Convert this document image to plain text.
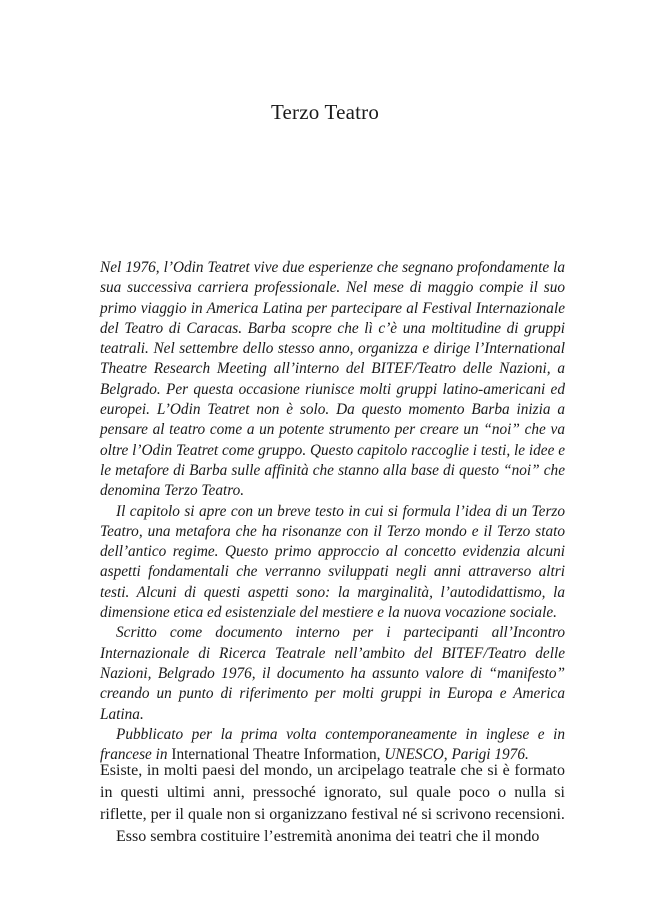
Terzo Teatro

Nel 1976, l’Odin Teatret vive due esperienze che segnano profondamente la sua successiva carriera professionale. Nel mese di maggio compie il suo primo viaggio in America Latina per partecipare al Festival Internazionale del Teatro di Caracas. Barba scopre che lì c’è una moltitudine di gruppi teatrali. Nel settembre dello stesso anno, organizza e dirige l’International Theatre Research Meeting all’interno del BITEF/Teatro delle Nazioni, a Belgrado. Per questa occasione riunisce molti gruppi latino-americani ed europei. L’Odin Teatret non è solo. Da questo momento Barba inizia a pensare al teatro come a un potente strumento per creare un “noi” che va oltre l’Odin Teatret come gruppo. Questo capitolo raccoglie i testi, le idee e le metafore di Barba sulle affinità che stanno alla base di questo “noi” che denomina Terzo Teatro.

Il capitolo si apre con un breve testo in cui si formula l’idea di un Terzo Teatro, una metafora che ha risonanze con il Terzo mondo e il Terzo stato dell’antico regime. Questo primo approccio al concetto evidenzia alcuni aspetti fondamentali che verranno sviluppati negli anni attraverso altri testi. Alcuni di questi aspetti sono: la marginalità, l’autodidattismo, la dimensione etica ed esistenziale del mestiere e la nuova vocazione sociale.

Scritto come documento interno per i partecipanti all’Incontro Internazionale di Ricerca Teatrale nell’ambito del BITEF/Teatro delle Nazioni, Belgrado 1976, il documento ha assunto valore di “manifesto” creando un punto di riferimento per molti gruppi in Europa e America Latina.

Pubblicato per la prima volta contemporaneamente in inglese e in francese in International Theatre Information, UNESCO, Parigi 1976.

Esiste, in molti paesi del mondo, un arcipelago teatrale che si è formato in questi ultimi anni, pressoché ignorato, sul quale poco o nulla si riflette, per il quale non si organizzano festival né si scrivono recensioni.

Esso sembra costituire l’estremità anonima dei teatri che il mondo
